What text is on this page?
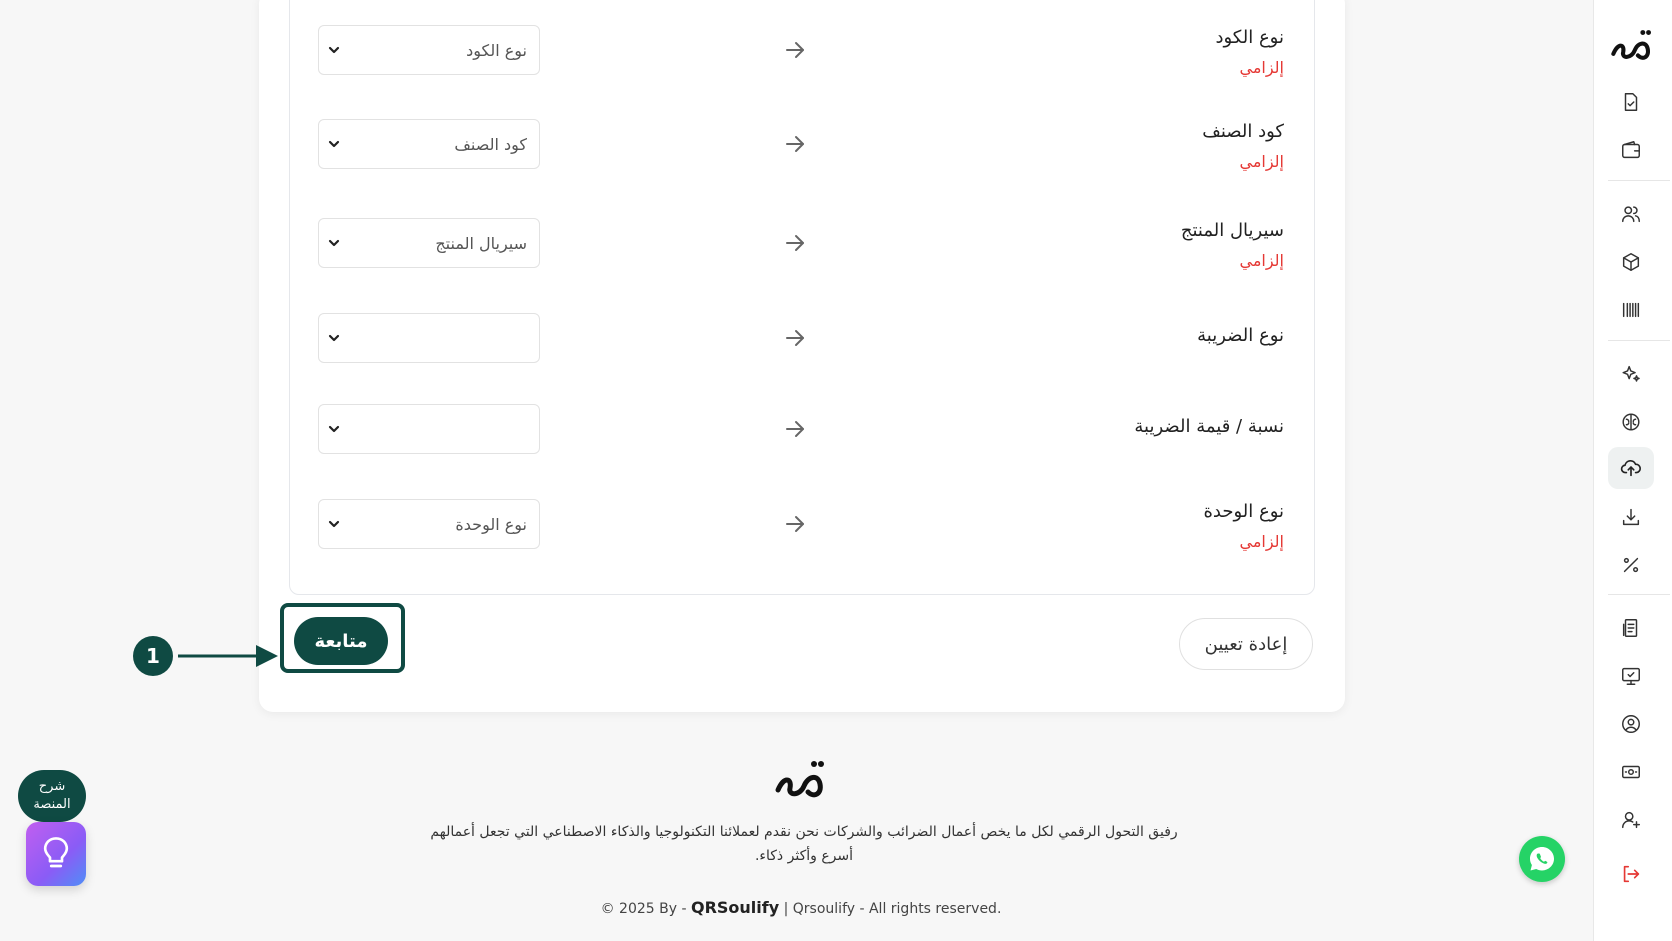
نوع الكود
إلزامي
نوع الكود
كود الصنف
إلزامي
كود الصنف
سيريال المنتج
إلزامي
سيريال المنتج
نوع الضريبة
نسبة / قيمة الضريبة
نوع الوحدة
إلزامي
نوع الوحدة
متابعة	إعادة تعيين
1
رفيق التحول الرقمي لكل ما يخص أعمال الضرائب والشركات نحن نقدم لعملائنا التكنولوجيا والذكاء الاصطناعي التي تجعل أعمالهم
أسرع وأكثر ذكاء.
© 2025 By - QRSoulify | Qrsoulify - All rights reserved.
شرح
المنصة
